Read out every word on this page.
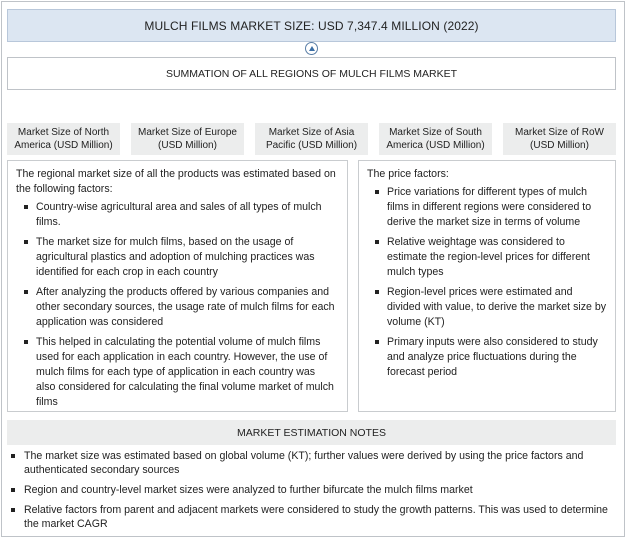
MULCH FILMS MARKET SIZE: USD 7,347.4 MILLION (2022)
SUMMATION OF ALL REGIONS OF MULCH FILMS MARKET
Market Size of North America (USD Million)
Market Size of Europe (USD Million)
Market Size of Asia Pacific (USD Million)
Market Size of South America (USD Million)
Market Size of RoW (USD Million)

The regional market size of all the products was estimated based on the following factors:

Country-wise agricultural area and sales of all types of mulch films.
The market size for mulch films, based on the usage of agricultural plastics and adoption of mulching practices was identified for each crop in each country
After analyzing the products offered by various companies and other secondary sources, the usage rate of mulch films for each application was considered
This helped in calculating the potential volume of mulch films used for each application in each country. However, the use of mulch films for each type of application in each country was also considered for calculating the final volume market of mulch films

The price factors:

Price variations for different types of mulch films in different regions were considered to derive the market size in terms of volume
Relative weightage was considered to estimate the region-level prices for different mulch types
Region-level prices were estimated and divided with value, to derive the market size by volume (KT)
Primary inputs were also considered to study and analyze price fluctuations during the forecast period
MARKET ESTIMATION NOTES
The market size was estimated based on global volume (KT); further values were derived by using the price factors and authenticated secondary sources
Region and country-level market sizes were analyzed to further bifurcate the mulch films market
Relative factors from parent and adjacent markets were considered to study the growth patterns. This was used to determine the market CAGR
